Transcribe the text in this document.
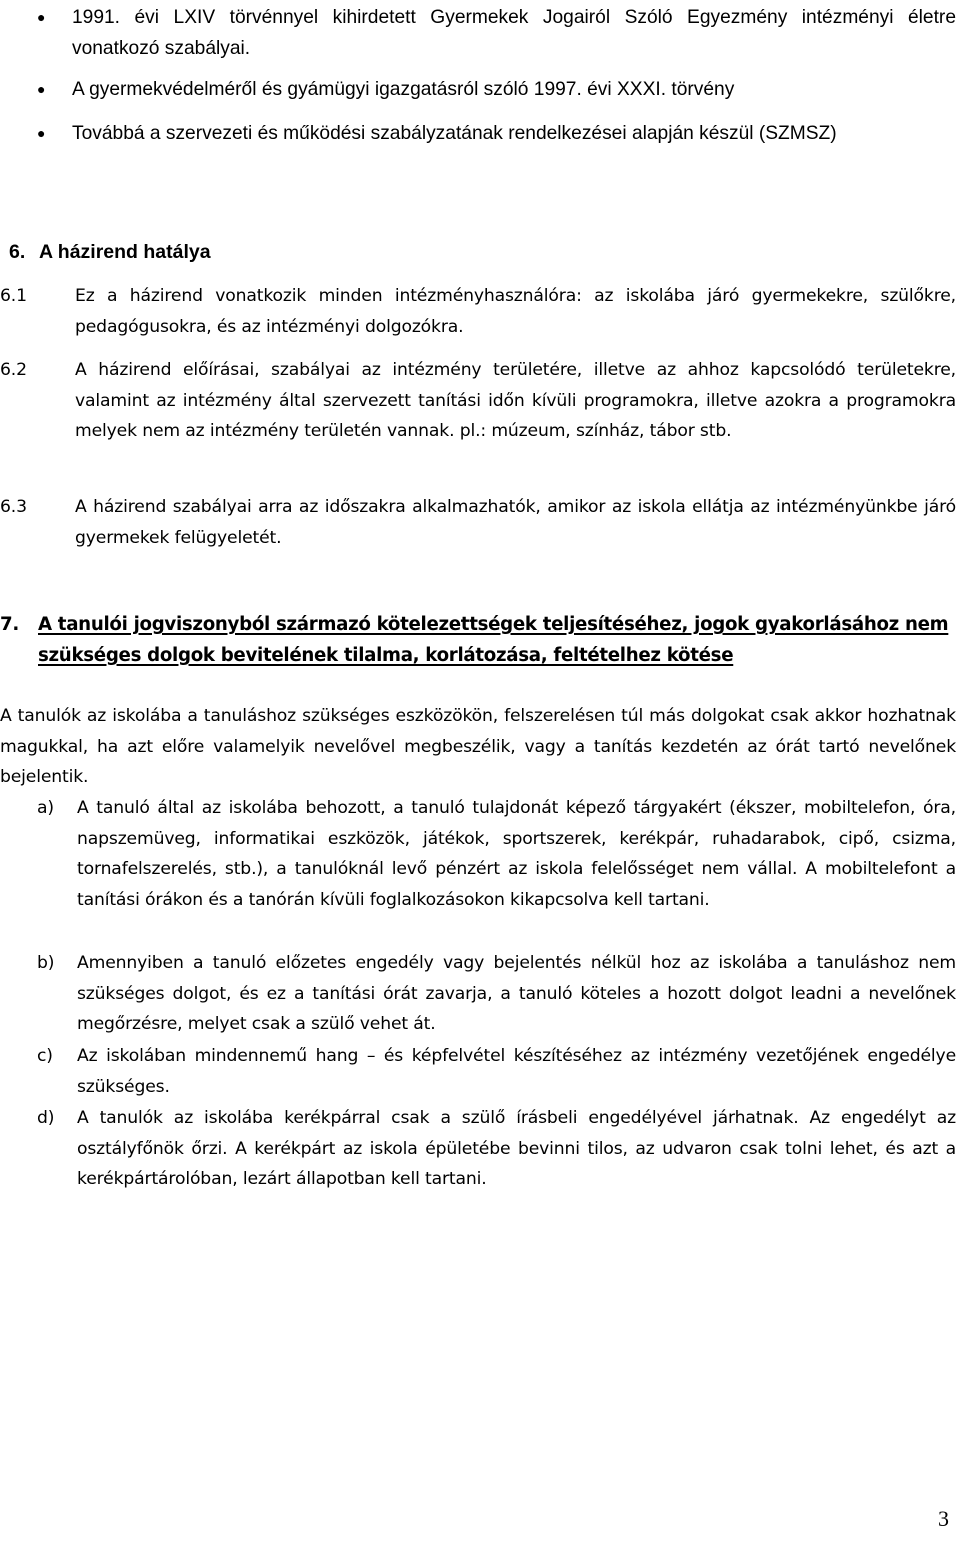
● 1991. évi LXIV törvénnyel kihirdetett Gyermekek Jogairól Szóló Egyezmény intézményi életre vonatkozó szabályai.
● A gyermekvédelméről és gyámügyi igazgatásról szóló 1997. évi XXXI. törvény
● Továbbá a szervezeti és működési szabályzatának rendelkezései alapján készül (SZMSZ)
6. A házirend hatálya
6.1	Ez a házirend vonatkozik minden intézményhasználóra: az iskolába járó gyermekekre, szülőkre, pedagógusokra, és az intézményi dolgozókra.
6.2	A házirend előírásai, szabályai az intézmény területére, illetve az ahhoz kapcsolódó területekre, valamint az intézmény által szervezett tanítási időn kívüli programokra, illetve azokra a programokra melyek nem az intézmény területén vannak. pl.: múzeum, színház, tábor stb.
6.3	A házirend szabályai arra az időszakra alkalmazhatók, amikor az iskola ellátja az intézményünkbe járó gyermekek felügyeletét.
7. A tanulói jogviszonyból származó kötelezettségek teljesítéséhez, jogok gyakorlásához nem szükséges dolgok bevitelének tilalma, korlátozása, feltételhez kötése
A tanulók az iskolába a tanuláshoz szükséges eszközökön, felszerelésen túl más dolgokat csak akkor hozhatnak magukkal, ha azt előre valamelyik nevelővel megbeszélik, vagy a tanítás kezdetén az órát tartó nevelőnek bejelentik.
a) A tanuló által az iskolába behozott, a tanuló tulajdonát képező tárgyakért (ékszer, mobiltelefon, óra, napszemüveg, informatikai eszközök, játékok, sportszerek, kerékpár, ruhadarabok, cipő, csizma, tornafelszerelés, stb.), a tanulóknál levő pénzért az iskola felelősséget nem vállal. A mobiltelefont a tanítási órákon és a tanórán kívüli foglalkozásokon kikapcsolva kell tartani.
b) Amennyiben a tanuló előzetes engedély vagy bejelentés nélkül hoz az iskolába a tanuláshoz nem szükséges dolgot, és ez a tanítási órát zavarja, a tanuló köteles a hozott dolgot leadni a nevelőnek megőrzésre, melyet csak a szülő vehet át.
c) Az iskolában mindennemű hang – és képfelvétel készítéséhez az intézmény vezetőjének engedélye szükséges.
d) A tanulók az iskolába kerékpárral csak a szülő írásbeli engedélyével járhatnak. Az engedélyt az osztályfőnök őrzi. A kerékpárt az iskola épületébe bevinni tilos, az udvaron csak tolni lehet, és azt a kerékpártárolóban, lezárt állapotban kell tartani.
3
